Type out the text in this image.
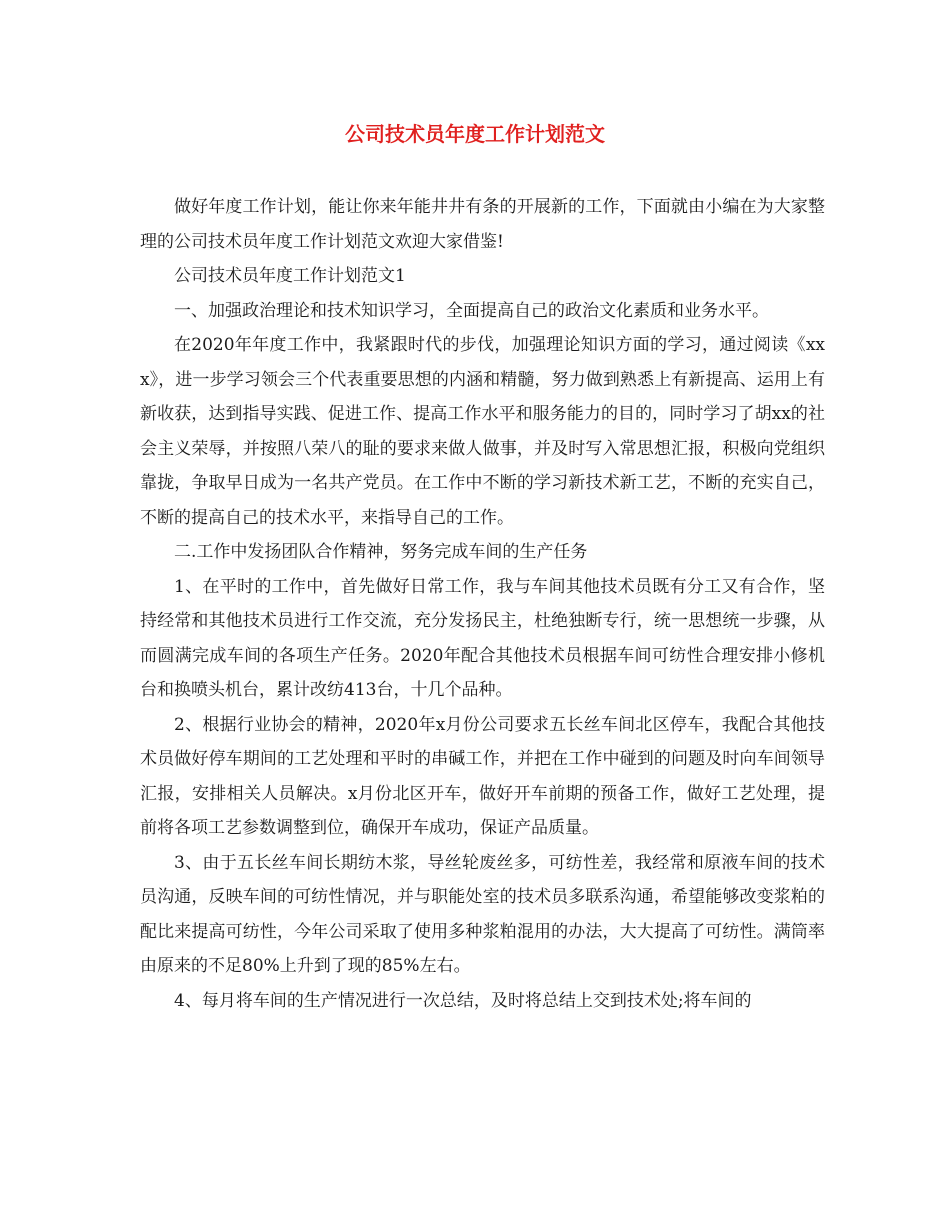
公司技术员年度工作计划范文

做好年度工作计划，能让你来年能井井有条的开展新的工作，下面就由小编在为大家整理的公司技术员年度工作计划范文欢迎大家借鉴!

公司技术员年度工作计划范文1

一、加强政治理论和技术知识学习，全面提高自己的政治文化素质和业务水平。

在2020年年度工作中，我紧跟时代的步伐，加强理论知识方面的学习，通过阅读《xxx》，进一步学习领会三个代表重要思想的内涵和精髓，努力做到熟悉上有新提高、运用上有新收获，达到指导实践、促进工作、提高工作水平和服务能力的目的，同时学习了胡xx的社会主义荣辱，并按照八荣八的耻的要求来做人做事，并及时写入常思想汇报，积极向党组织靠拢，争取早日成为一名共产党员。在工作中不断的学习新技术新工艺，不断的充实自己，不断的提高自己的技术水平，来指导自己的工作。

二.工作中发扬团队合作精神，努务完成车间的生产任务

1、在平时的工作中，首先做好日常工作，我与车间其他技术员既有分工又有合作，坚持经常和其他技术员进行工作交流，充分发扬民主，杜绝独断专行，统一思想统一步骤，从而圆满完成车间的各项生产任务。2020年配合其他技术员根据车间可纺性合理安排小修机台和换喷头机台，累计改纺413台，十几个品种。

2、根据行业协会的精神，2020年x月份公司要求五长丝车间北区停车，我配合其他技术员做好停车期间的工艺处理和平时的串碱工作，并把在工作中碰到的问题及时向车间领导汇报，安排相关人员解决。x月份北区开车，做好开车前期的预备工作，做好工艺处理，提前将各项工艺参数调整到位，确保开车成功，保证产品质量。

3、由于五长丝车间长期纺木浆，导丝轮废丝多，可纺性差，我经常和原液车间的技术员沟通，反映车间的可纺性情况，并与职能处室的技术员多联系沟通，希望能够改变浆粕的配比来提高可纺性，今年公司采取了使用多种浆粕混用的办法，大大提高了可纺性。满筒率由原来的不足80%上升到了现的85%左右。

4、每月将车间的生产情况进行一次总结，及时将总结上交到技术处;将车间的
